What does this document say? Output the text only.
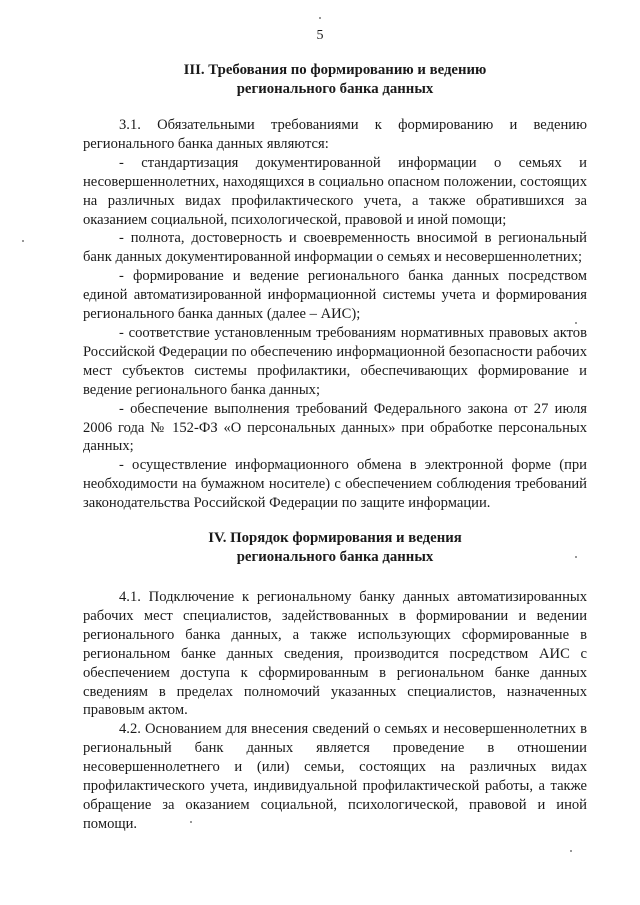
5
III. Требования по формированию и ведению
регионального банка данных

3.1. Обязательными требованиями к формированию и ведению регионального банка данных являются:

- стандартизация документированной информации о семьях и несовершеннолетних, находящихся в социально опасном положении, состоящих на различных видах профилактического учета, а также обратившихся за оказанием социальной, психологической, правовой и иной помощи;

- полнота, достоверность и своевременность вносимой в региональный банк данных документированной информации о семьях и несовершеннолетних;

- формирование и ведение регионального банка данных посредством единой автоматизированной информационной системы учета и формирования регионального банка данных (далее – АИС);

- соответствие установленным требованиям нормативных правовых актов Российской Федерации по обеспечению информационной безопасности рабочих мест субъектов системы профилактики, обеспечивающих формирование и ведение регионального банка данных;

- обеспечение выполнения требований Федерального закона от 27 июля 2006 года № 152-ФЗ «О персональных данных» при обработке персональных данных;

- осуществление информационного обмена в электронной форме (при необходимости на бумажном носителе) с обеспечением соблюдения требований законодательства Российской Федерации по защите информации.

IV. Порядок формирования и ведения
регионального банка данных

4.1. Подключение к региональному банку данных автоматизированных рабочих мест специалистов, задействованных в формировании и ведении регионального банка данных, а также использующих сформированные в региональном банке данных сведения, производится посредством АИС с обеспечением доступа к сформированным в региональном банке данных сведениям в пределах полномочий указанных специалистов, назначенных правовым актом.

4.2. Основанием для внесения сведений о семьях и несовершеннолетних в региональный банк данных является проведение в отношении несовершеннолетнего и (или) семьи, состоящих на различных видах профилактического учета, индивидуальной профилактической работы, а также обращение за оказанием социальной, психологической, правовой и иной помощи.
